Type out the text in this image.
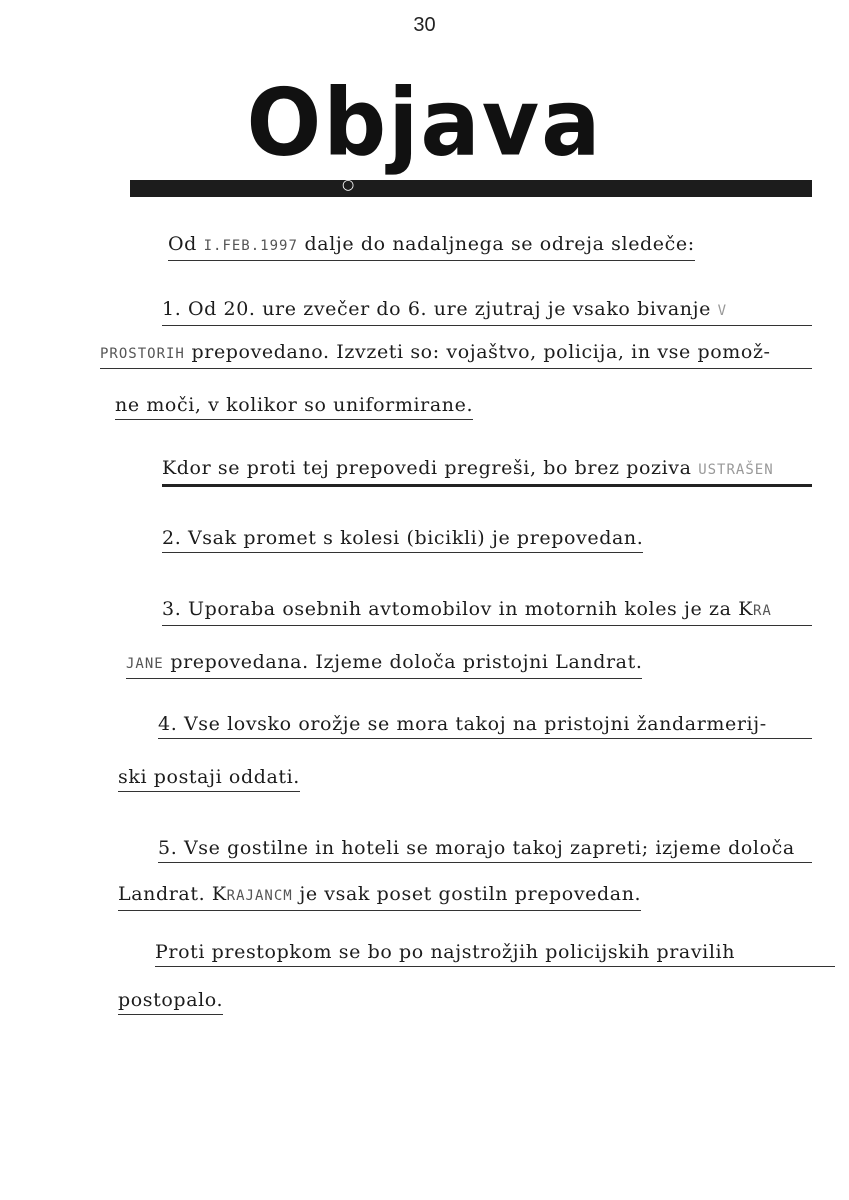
30
Objava
○
Od I.FEB.1997 dalje do nadaljnega se odreja sledeče:
1. Od 20. ure zvečer do 6. ure zjutraj je vsako bivanje V
PROSTORIH prepovedano. Izvzeti so: vojaštvo, policija, in vse pomož-
ne moči, v kolikor so uniformirane.
Kdor se proti tej prepovedi pregreši, bo brez poziva USTRAŠEN
2. Vsak promet s kolesi (bicikli) je prepovedan.
3. Uporaba osebnih avtomobilov in motornih koles je za KRA
JANE prepovedana. Izjeme določa pristojni Landrat.
4. Vse lovsko orožje se mora takoj na pristojni žandarmerij-
ski postaji oddati.
5. Vse gostilne in hoteli se morajo takoj zapreti; izjeme določa
Landrat. KRAJANCM je vsak poset gostiln prepovedan.
Proti prestopkom se bo po najstrožjih policijskih pravilih
postopalo.
